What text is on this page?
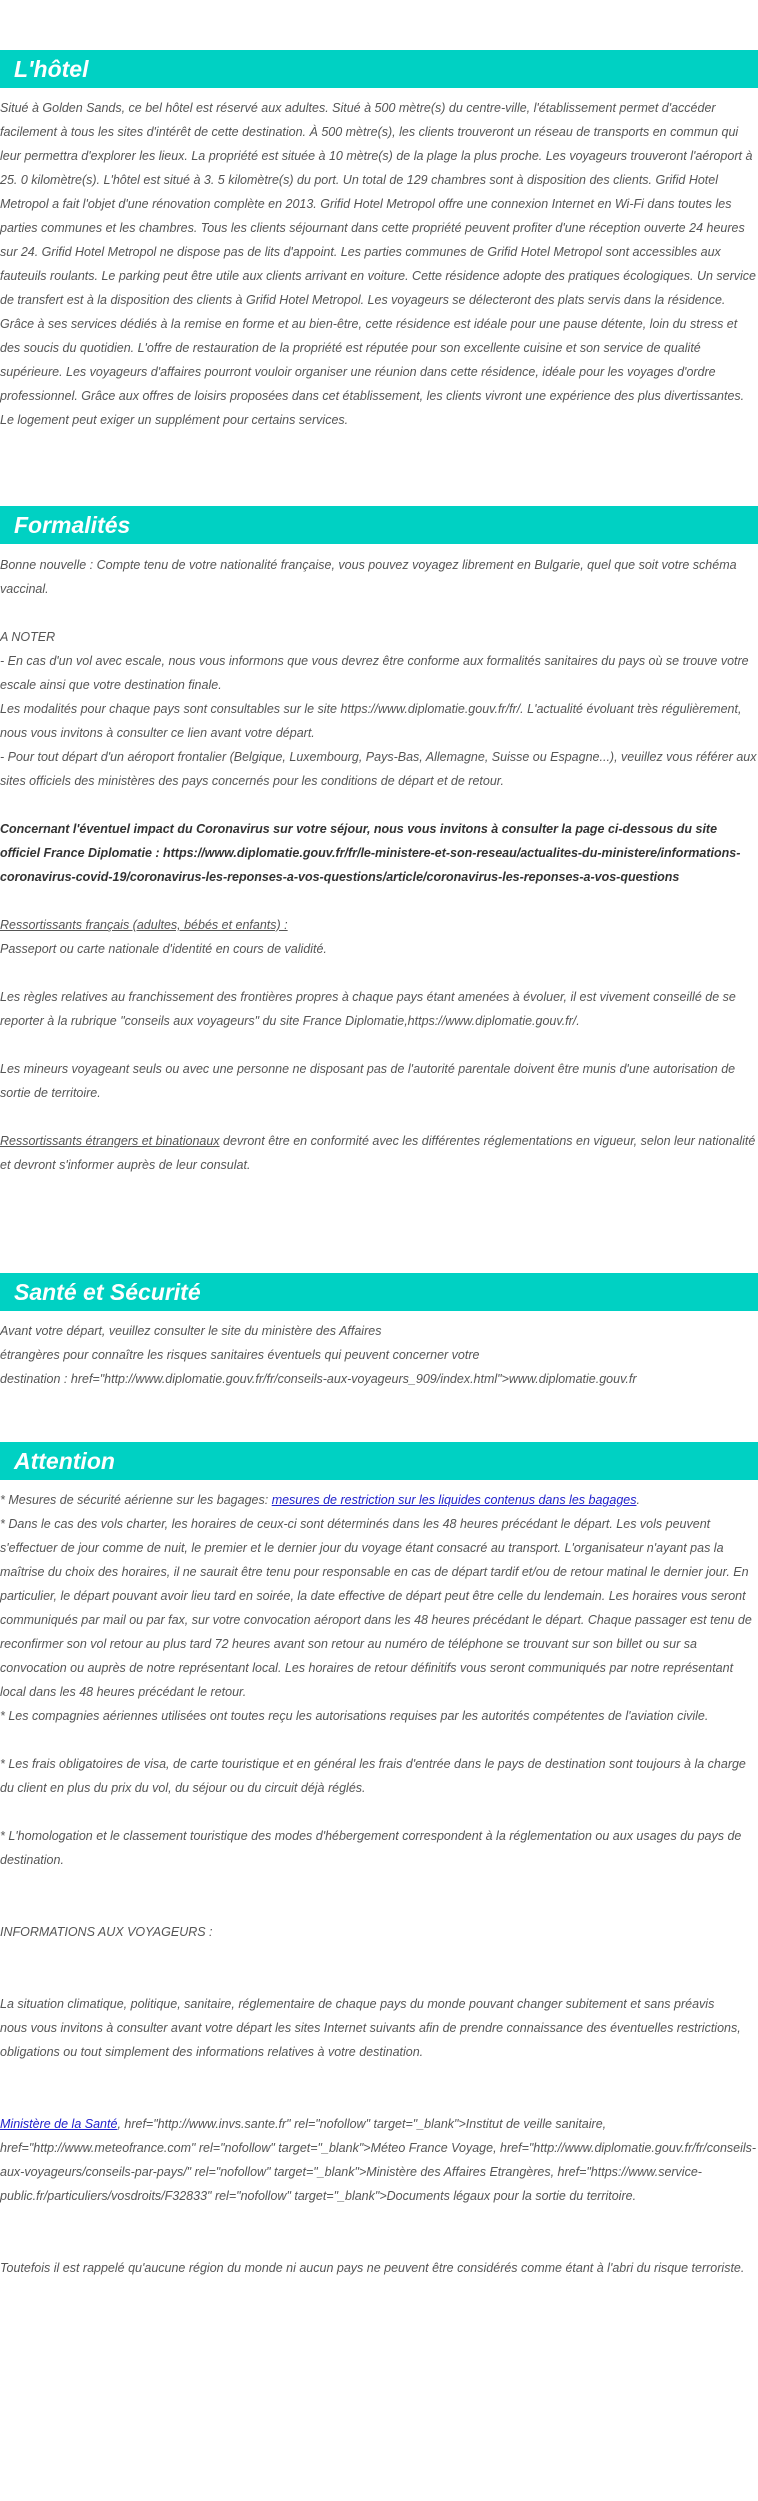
L'hôtel

Situé à Golden Sands, ce bel hôtel est réservé aux adultes. Situé à 500 mètre(s) du centre-ville, l'établissement permet d'accéder facilement à tous les sites d'intérêt de cette destination. À 500 mètre(s), les clients trouveront un réseau de transports en commun qui leur permettra d'explorer les lieux. La propriété est située à 10 mètre(s) de la plage la plus proche. Les voyageurs trouveront l'aéroport à 25. 0 kilomètre(s). L'hôtel est situé à 3. 5 kilomètre(s) du port. Un total de 129 chambres sont à disposition des clients. Grifid Hotel Metropol a fait l'objet d'une rénovation complète en 2013. Grifid Hotel Metropol offre une connexion Internet en Wi-Fi dans toutes les parties communes et les chambres. Tous les clients séjournant dans cette propriété peuvent profiter d'une réception ouverte 24 heures sur 24. Grifid Hotel Metropol ne dispose pas de lits d'appoint. Les parties communes de Grifid Hotel Metropol sont accessibles aux fauteuils roulants. Le parking peut être utile aux clients arrivant en voiture. Cette résidence adopte des pratiques écologiques. Un service de transfert est à la disposition des clients à Grifid Hotel Metropol. Les voyageurs se délecteront des plats servis dans la résidence. Grâce à ses services dédiés à la remise en forme et au bien-être, cette résidence est idéale pour une pause détente, loin du stress et des soucis du quotidien. L'offre de restauration de la propriété est réputée pour son excellente cuisine et son service de qualité supérieure. Les voyageurs d'affaires pourront vouloir organiser une réunion dans cette résidence, idéale pour les voyages d'ordre professionnel. Grâce aux offres de loisirs proposées dans cet établissement, les clients vivront une expérience des plus divertissantes. Le logement peut exiger un supplément pour certains services.

Formalités

Bonne nouvelle : Compte tenu de votre nationalité française, vous pouvez voyagez librement en Bulgarie, quel que soit votre schéma vaccinal.

A NOTER

- En cas d'un vol avec escale, nous vous informons que vous devrez être conforme aux formalités sanitaires du pays où se trouve votre escale ainsi que votre destination finale.

Les modalités pour chaque pays sont consultables sur le site https://www.diplomatie.gouv.fr/fr/. L'actualité évoluant très régulièrement, nous vous invitons à consulter ce lien avant votre départ.

- Pour tout départ d'un aéroport frontalier (Belgique, Luxembourg, Pays-Bas, Allemagne, Suisse ou Espagne...), veuillez vous référer aux sites officiels des ministères des pays concernés pour les conditions de départ et de retour.

Concernant l'éventuel impact du Coronavirus sur votre séjour, nous vous invitons à consulter la page ci-dessous du site officiel France Diplomatie : https://www.diplomatie.gouv.fr/fr/le-ministere-et-son-reseau/actualites-du-ministere/informations-coronavirus-covid-19/coronavirus-les-reponses-a-vos-questions/article/coronavirus-les-reponses-a-vos-questions

Ressortissants français (adultes, bébés et enfants) :

Passeport ou carte nationale d'identité en cours de validité.

Les règles relatives au franchissement des frontières propres à chaque pays étant amenées à évoluer, il est vivement conseillé de se reporter à la rubrique "conseils aux voyageurs" du site France Diplomatie,https://www.diplomatie.gouv.fr/.

Les mineurs voyageant seuls ou avec une personne ne disposant pas de l'autorité parentale doivent être munis d'une autorisation de sortie de territoire.

Ressortissants étrangers et binationaux devront être en conformité avec les différentes réglementations en vigueur, selon leur nationalité et devront s'informer auprès de leur consulat.

Santé et Sécurité

Avant votre départ, veuillez consulter le site du ministère des Affaires

étrangères pour connaître les risques sanitaires éventuels qui peuvent concerner votre

destination : href="http://www.diplomatie.gouv.fr/fr/conseils-aux-voyageurs_909/index.html">www.diplomatie.gouv.fr

Attention

* Mesures de sécurité aérienne sur les bagages: mesures de restriction sur les liquides contenus dans les bagages.

* Dans le cas des vols charter, les horaires de ceux-ci sont déterminés dans les 48 heures précédant le départ. Les vols peuvent s'effectuer de jour comme de nuit, le premier et le dernier jour du voyage étant consacré au transport. L'organisateur n'ayant pas la maîtrise du choix des horaires, il ne saurait être tenu pour responsable en cas de départ tardif et/ou de retour matinal le dernier jour. En particulier, le départ pouvant avoir lieu tard en soirée, la date effective de départ peut être celle du lendemain. Les horaires vous seront communiqués par mail ou par fax, sur votre convocation aéroport dans les 48 heures précédant le départ. Chaque passager est tenu de reconfirmer son vol retour au plus tard 72 heures avant son retour au numéro de téléphone se trouvant sur son billet ou sur sa convocation ou auprès de notre représentant local. Les horaires de retour définitifs vous seront communiqués par notre représentant local dans les 48 heures précédant le retour.

* Les compagnies aériennes utilisées ont toutes reçu les autorisations requises par les autorités compétentes de l'aviation civile.

* Les frais obligatoires de visa, de carte touristique et en général les frais d'entrée dans le pays de destination sont toujours à la charge du client en plus du prix du vol, du séjour ou du circuit déjà réglés.

* L'homologation et le classement touristique des modes d'hébergement correspondent à la réglementation ou aux usages du pays de destination.

INFORMATIONS AUX VOYAGEURS :

La situation climatique, politique, sanitaire, réglementaire de chaque pays du monde pouvant changer subitement et sans préavis

nous vous invitons à consulter avant votre départ les sites Internet suivants afin de prendre connaissance des éventuelles restrictions, obligations ou tout simplement des informations relatives à votre destination.

Ministère de la Santé, href="http://www.invs.sante.fr" rel="nofollow" target="_blank">Institut de veille sanitaire, href="http://www.meteofrance.com" rel="nofollow" target="_blank">Méteo France Voyage, href="http://www.diplomatie.gouv.fr/fr/conseils-aux-voyageurs/conseils-par-pays/" rel="nofollow" target="_blank">Ministère des Affaires Etrangères, href="https://www.service-public.fr/particuliers/vosdroits/F32833" rel="nofollow" target="_blank">Documents légaux pour la sortie du territoire.

Toutefois il est rappelé qu'aucune région du monde ni aucun pays ne peuvent être considérés comme étant à l'abri du risque terroriste.
